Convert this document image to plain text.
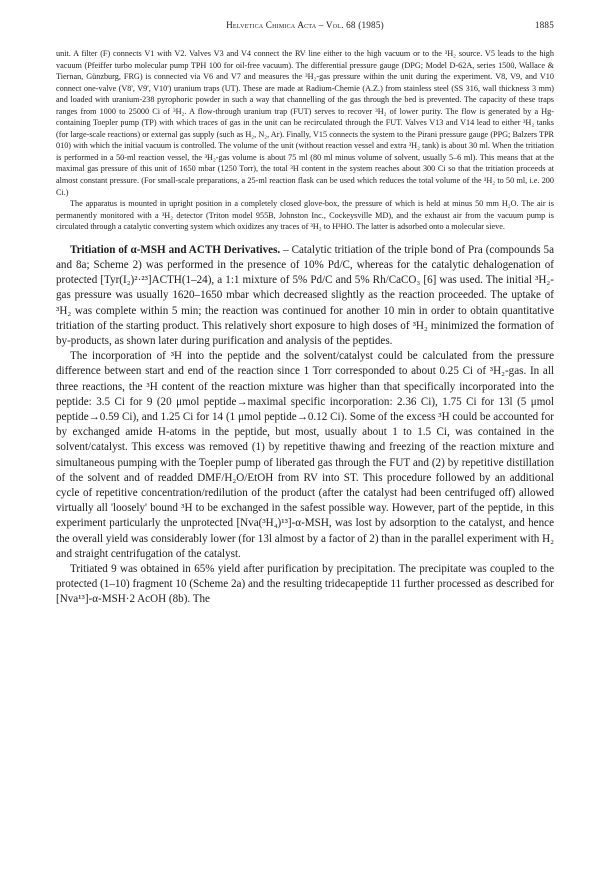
Helvetica Chimica Acta – Vol. 68 (1985)	1885

unit. A filter (F) connects V1 with V2. Valves V3 and V4 connect the RV line either to the high vacuum or to the ³H₂ source. V5 leads to the high vacuum (Pfeiffer turbo molecular pump TPH 100 for oil-free vacuum). The differential pressure gauge (DPG; Model D-62A, series 1500, Wallace & Tiernan, Günzburg, FRG) is connected via V6 and V7 and measures the ³H₂-gas pressure within the unit during the experiment. V8, V9, and V10 connect one-valve (V8', V9', V10') uranium traps (UT). These are made at Radium-Chemie (A.Z.) from stainless steel (SS 316, wall thickness 3 mm) and loaded with uranium-238 pyrophoric powder in such a way that channelling of the gas through the bed is prevented. The capacity of these traps ranges from 1000 to 25000 Ci of ³H₂. A flow-through uranium trap (FUT) serves to recover ³H₂ of lower purity. The flow is generated by a Hg-containing Toepler pump (TP) with which traces of gas in the unit can be recirculated through the FUT. Valves V13 and V14 lead to either ³H₂ tanks (for large-scale reactions) or external gas supply (such as H₂, N₂, Ar). Finally, V15 connects the system to the Pirani pressure gauge (PPG; Balzers TPR 010) with which the initial vacuum is controlled. The volume of the unit (without reaction vessel and extra ³H₂ tank) is about 30 ml. When the tritiation is performed in a 50-ml reaction vessel, the ³H₂-gas volume is about 75 ml (80 ml minus volume of solvent, usually 5–6 ml). This means that at the maximal gas pressure of this unit of 1650 mbar (1250 Torr), the total ³H content in the system reaches about 300 Ci so that the tritiation proceeds at almost constant pressure. (For small-scale preparations, a 25-ml reaction flask can be used which reduces the total volume of the ³H₂ to 50 ml, i.e. 200 Ci.)

The apparatus is mounted in upright position in a completely closed glove-box, the pressure of which is held at minus 50 mm H₂O. The air is permanently monitored with a ³H₂ detector (Triton model 955B, Johnston Inc., Cockeysville MD), and the exhaust air from the vacuum pump is circulated through a catalytic converting system which oxidizes any traces of ³H₂ to H³HO. The latter is adsorbed onto a molecular sieve.

Tritiation of α-MSH and ACTH Derivatives. – Catalytic tritiation of the triple bond of Pra (compounds 5a and 8a; Scheme 2) was performed in the presence of 10% Pd/C, whereas for the catalytic dehalogenation of protected [Tyr(I₂)²·²³]ACTH(1–24), a 1:1 mixture of 5% Pd/C and 5% Rh/CaCO₃ [6] was used. The initial ³H₂-gas pressure was usually 1620–1650 mbar which decreased slightly as the reaction proceeded. The uptake of ³H₂ was complete within 5 min; the reaction was continued for another 10 min in order to obtain quantitative tritiation of the starting product. This relatively short exposure to high doses of ³H₂ minimized the formation of by-products, as shown later during purification and analysis of the peptides.

The incorporation of ³H into the peptide and the solvent/catalyst could be calculated from the pressure difference between start and end of the reaction since 1 Torr corresponded to about 0.25 Ci of ³H₂-gas. In all three reactions, the ³H content of the reaction mixture was higher than that specifically incorporated into the peptide: 3.5 Ci for 9 (20 μmol peptide→maximal specific incorporation: 2.36 Ci), 1.75 Ci for 13l (5 μmol peptide→0.59 Ci), and 1.25 Ci for 14 (1 μmol peptide→0.12 Ci). Some of the excess ³H could be accounted for by exchanged amide H-atoms in the peptide, but most, usually about 1 to 1.5 Ci, was contained in the solvent/catalyst. This excess was removed (1) by repetitive thawing and freezing of the reaction mixture and simultaneous pumping with the Toepler pump of liberated gas through the FUT and (2) by repetitive distillation of the solvent and of readded DMF/H₂O/EtOH from RV into ST. This procedure followed by an additional cycle of repetitive concentration/redilution of the product (after the catalyst had been centrifuged off) allowed virtually all 'loosely' bound ³H to be exchanged in the safest possible way. However, part of the peptide, in this experiment particularly the unprotected [Nva(³H₄)¹³]-α-MSH, was lost by adsorption to the catalyst, and hence the overall yield was considerably lower (for 13l almost by a factor of 2) than in the parallel experiment with H₂ and straight centrifugation of the catalyst.

Tritiated 9 was obtained in 65% yield after purification by precipitation. The precipitate was coupled to the protected (1–10) fragment 10 (Scheme 2a) and the resulting tridecapeptide 11 further processed as described for [Nva¹³]-α-MSH·2 AcOH (8b). The
